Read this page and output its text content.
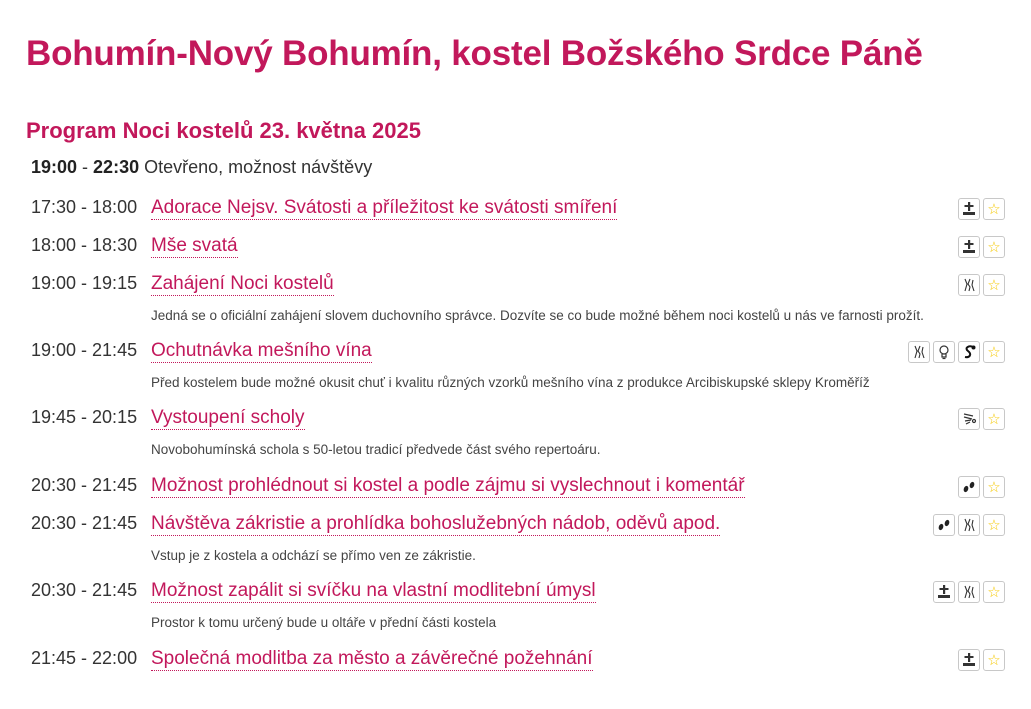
Bohumín-Nový Bohumín, kostel Božského Srdce Páně
Program Noci kostelů 23. května 2025
19:00 - 22:30 Otevřeno, možnost návštěvy
17:30 - 18:00 Adorace Nejsv. Svátosti a příležitost ke svátosti smíření	☆
18:00 - 18:30 Mše svatá	☆
19:00 - 19:15 Zahájení Noci kostelů
Jedná se o oficiální zahájení slovem duchovního správce. Dozvíte se co bude možné během noci kostelů u nás ve farnosti prožít.
☆
19:00 - 21:45 Ochutnávka mešního vína
Před kostelem bude možné okusit chuť i kvalitu různých vzorků mešního vína z produkce Arcibiskupské sklepy Kroměříž
☆
19:45 - 20:15 Vystoupení scholy
Novobohumínská schola s 50-letou tradicí předvede část svého repertoáru.
☆
20:30 - 21:45 Možnost prohlédnout si kostel a podle zájmu si vyslechnout i komentář	☆
20:30 - 21:45 Návštěva zákristie a prohlídka bohoslužebných nádob, oděvů apod.
Vstup je z kostela a odchází se přímo ven ze zákristie.
☆
20:30 - 21:45 Možnost zapálit si svíčku na vlastní modlitební úmysl
Prostor k tomu určený bude u oltáře v přední části kostela
☆
21:45 - 22:00 Společná modlitba za město a závěrečné požehnání	☆
